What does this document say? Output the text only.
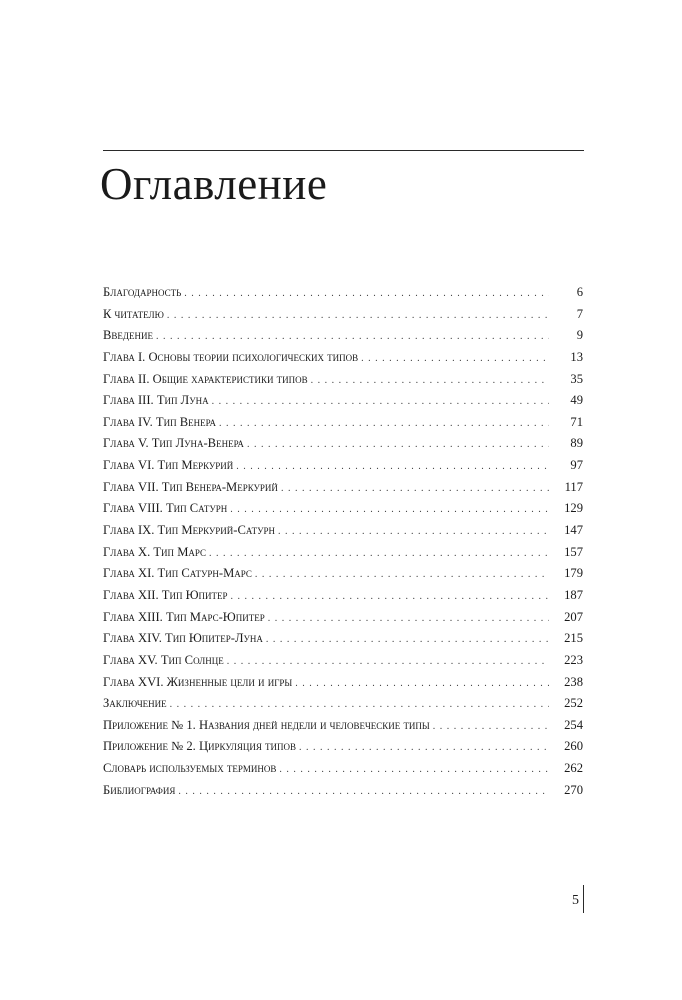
Оглавление
Благодарность . . .	6
К читателю . . .	7
Введение . . .	9
Глава I. Основы теории психологических типов . . .	13
Глава II. Общие характеристики типов . . .	35
Глава III. Тип Луна . . .	49
Глава IV. Тип Венера . . .	71
Глава V. Тип Луна-Венера . . .	89
Глава VI. Тип Меркурий . . .	97
Глава VII. Тип Венера-Меркурий . . .	117
Глава VIII. Тип Сатурн . . .	129
Глава IX. Тип Меркурий-Сатурн . . .	147
Глава X. Тип Марс . . .	157
Глава XI. Тип Сатурн-Марс . . .	179
Глава XII. Тип Юпитер . . .	187
Глава XIII. Тип Марс-Юпитер . . .	207
Глава XIV. Тип Юпитер-Луна . . .	215
Глава XV. Тип Солнце . . .	223
Глава XVI. Жизненные цели и игры . . .	238
Заключение . . .	252
Приложение № 1. Названия дней недели и человеческие типы . . .	254
Приложение № 2. Циркуляция типов . . .	260
Словарь используемых терминов . . .	262
Библиография . . .	270
5
